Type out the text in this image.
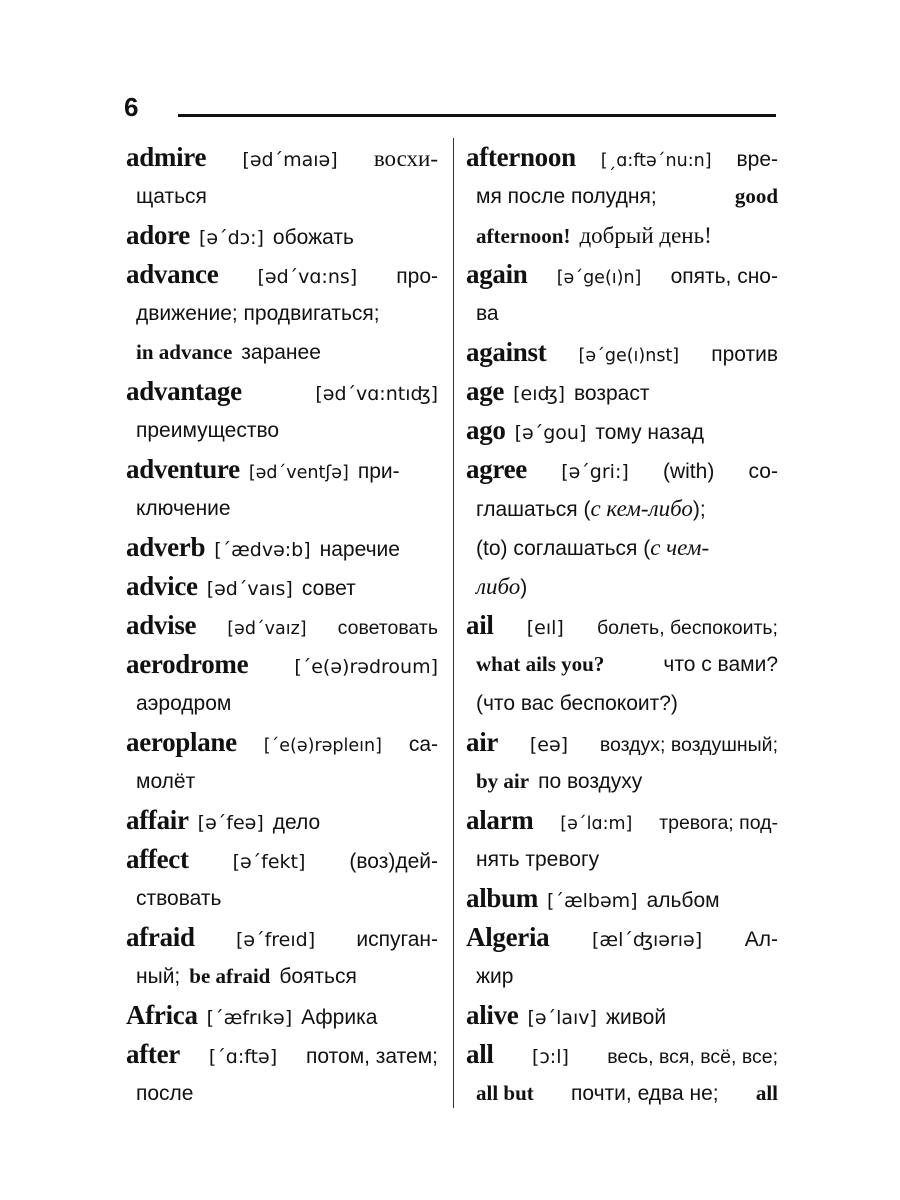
6
admire [ədˊmaıə] восхи-
щаться
adore [əˊdɔ:] обожать
advance [ədˊvɑ:ns] про-
движение; продвигаться;
in advance заранее
advantage	[ədˊvɑ:ntıʤ]
преимущество
adventure [ədˊventʃə] при-
ключение
adverb [ˊædvə:b] наречие
advice [ədˊvaıs] совет
advise [ədˊvaız] советовать
aerodrome [ˊe(ə)rədroum]
аэродром
aeroplane [ˊe(ə)rəpleın] са-
молёт
affair [əˊfeə] дело
affect [əˊfekt] (воз)дей-
ствовать
afraid [əˊfreıd] испуган-
ный; be afraid бояться
Africa [ˊæfrıkə] Африка
after [ˊɑ:ftə] потом, затем;
после
afternoon [ˏɑ:ftəˊnu:n] вре-
мя после полудня;	good
afternoon! добрый день!
again [əˊge(ı)n] опять, сно-
ва
against [əˊge(ı)nst] против
age [eıʤ] возраст
ago [əˊgou] тому назад
agree [əˊgri:] (with) со-
глашаться (с кем-либо);
(to) соглашаться (с чем-
либо)
ail [eıl] болеть, беспокоить;
what ails you?	что с вами?
(что вас беспокоит?)
air [eə] воздух; воздушный;
by air по воздуху
alarm [əˊlɑ:m] тревога; под-
нять тревогу
album [ˊælbəm] альбом
Algeria [ælˊʤıərıə] Ал-
жир
alive [əˊlaıv] живой
all [ɔ:l] весь, вся, всё, все;
all but почти, едва не; all
